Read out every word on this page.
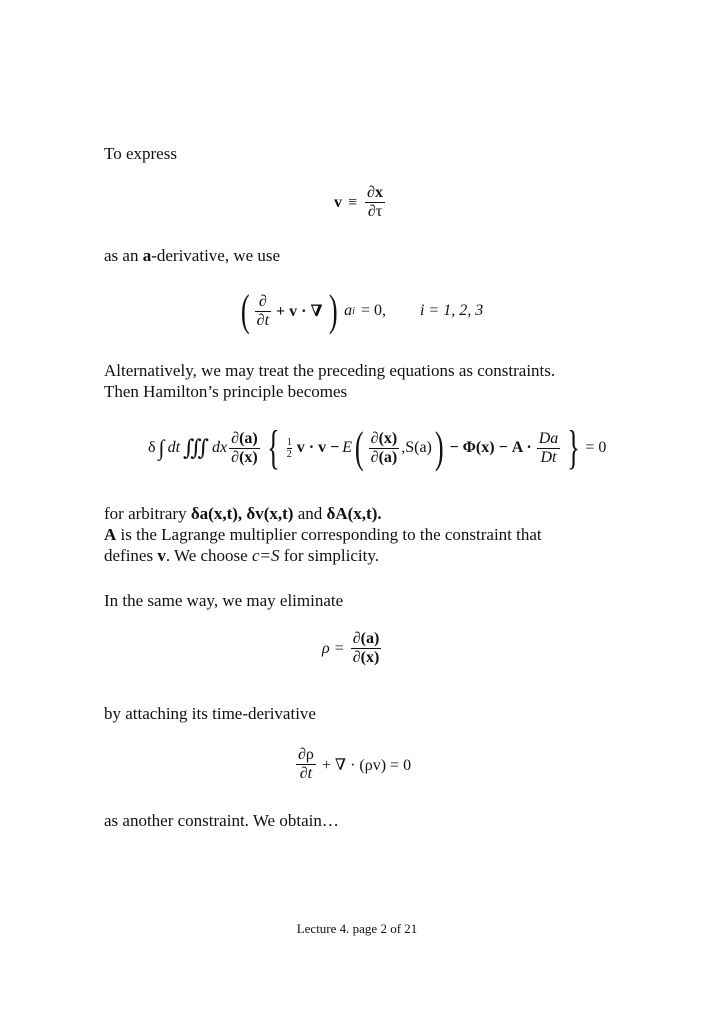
To express
$v \equiv \frac{\partial x}{\partial\tau}$
as an a-derivative, we use
( $\frac{\partial}{\partial t} + v$ · ∇ ) a i = 0, i = 1, 2, 3
Alternatively, we may treat the preceding equations as constraints.
Then Hamilton’s principle becomes
δ ∫ dt ∭ dx $\frac{\partial(a)}{\partial(x)}$ { $\frac{1}{2}$ v · v − E ( $\frac{\partial(x)}{\partial(a)} ,S(a)$ ) − $\Phi(x) - A \cdot \frac{Da}{Dt}$ } = 0
for arbitrary δa(x,t), δv(x,t) and δA(x,t).
A is the Lagrange multiplier corresponding to the constraint that
defines v. We choose c=S for simplicity.
In the same way, we may eliminate
$\rho = \frac{\partial(a)}{\partial(x)}$
by attaching its time-derivative
$\frac{\partial\rho}{\partial t}$ + ∇ · (ρv) = 0
as another constraint. We obtain…
Lecture 4. page 2 of 21
